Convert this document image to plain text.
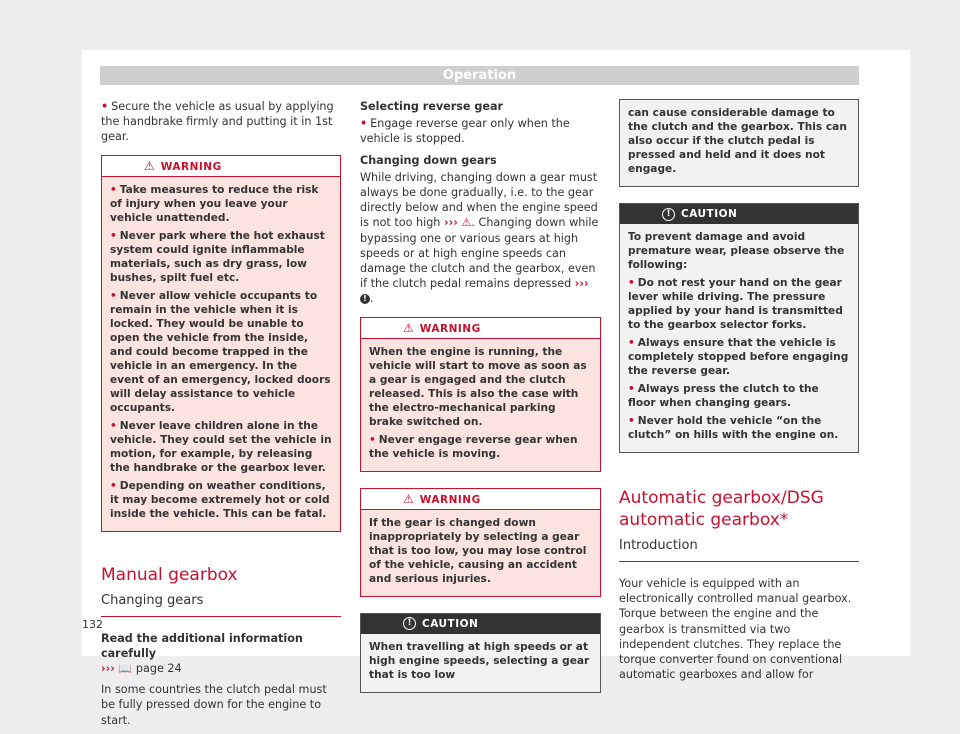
Operation

• Secure the vehicle as usual by applying the handbrake firmly and putting it in 1st gear.

⚠ WARNING

• Take measures to reduce the risk of injury when you leave your vehicle unattended.

• Never park where the hot exhaust system could ignite inflammable materials, such as dry grass, low bushes, spilt fuel etc.

• Never allow vehicle occupants to remain in the vehicle when it is locked. They would be unable to open the vehicle from the inside, and could become trapped in the vehicle in an emergency. In the event of an emergency, locked doors will delay assistance to vehicle occupants.

• Never leave children alone in the vehicle. They could set the vehicle in motion, for example, by releasing the handbrake or the gearbox lever.

• Depending on weather conditions, it may become extremely hot or cold inside the vehicle. This can be fatal.

Manual gearbox
Changing gears

Read the additional information carefully

››› 📖 page 24

In some countries the clutch pedal must be fully pressed down for the engine to start.

Selecting reverse gear

• Engage reverse gear only when the vehicle is stopped.

Changing down gears

While driving, changing down a gear must always be done gradually, i.e. to the gear directly below and when the engine speed is not too high ››› ⚠. Changing down while bypassing one or various gears at high speeds or at high engine speeds can damage the clutch and the gearbox, even if the clutch pedal remains depressed ››› ! .

⚠ WARNING

When the engine is running, the vehicle will start to move as soon as a gear is engaged and the clutch released. This is also the case with the electro-mechanical parking brake switched on.

• Never engage reverse gear when the vehicle is moving.

⚠ WARNING

If the gear is changed down inappropriately by selecting a gear that is too low, you may lose control of the vehicle, causing an accident and serious injuries.

! CAUTION

When travelling at high speeds or at high engine speeds, selecting a gear that is too low

can cause considerable damage to the clutch and the gearbox. This can also occur if the clutch pedal is pressed and held and it does not engage.

! CAUTION

To prevent damage and avoid premature wear, please observe the following:

• Do not rest your hand on the gear lever while driving. The pressure applied by your hand is transmitted to the gearbox selector forks.

• Always ensure that the vehicle is completely stopped before engaging the reverse gear.

• Always press the clutch to the floor when changing gears.

• Never hold the vehicle “on the clutch” on hills with the engine on.

Automatic gearbox/DSG automatic gearbox*
Introduction

Your vehicle is equipped with an electronically controlled manual gearbox. Torque between the engine and the gearbox is transmitted via two independent clutches. They replace the torque converter found on conventional automatic gearboxes and allow for

132
